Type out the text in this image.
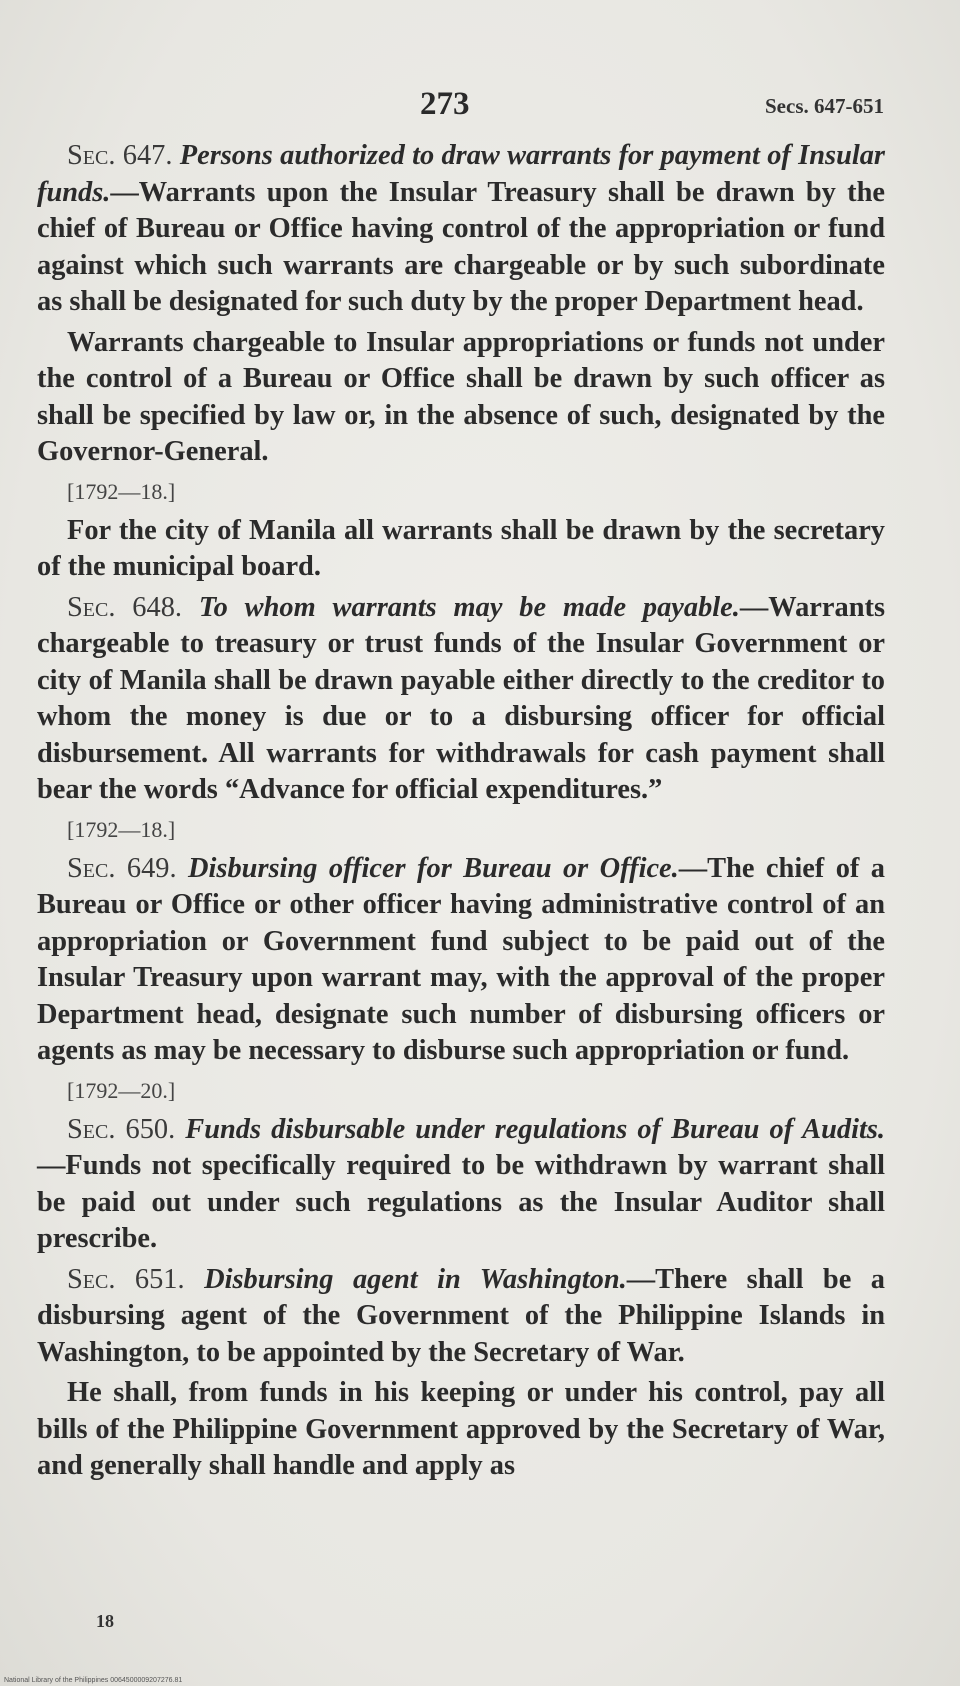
273	Secs. 647-651

Sec. 647. Persons authorized to draw warrants for payment of Insular funds.—Warrants upon the Insular Treasury shall be drawn by the chief of Bureau or Office having control of the appropriation or fund against which such warrants are chargeable or by such subordinate as shall be designated for such duty by the proper Department head.

Warrants chargeable to Insular appropriations or funds not under the control of a Bureau or Office shall be drawn by such officer as shall be specified by law or, in the absence of such, designated by the Governor-General.

[1792—18.]

For the city of Manila all warrants shall be drawn by the secretary of the municipal board.

Sec. 648. To whom warrants may be made payable.—Warrants chargeable to treasury or trust funds of the Insular Government or city of Manila shall be drawn payable either directly to the creditor to whom the money is due or to a disbursing officer for official disbursement. All warrants for withdrawals for cash payment shall bear the words “Advance for official expenditures.”

[1792—18.]

Sec. 649. Disbursing officer for Bureau or Office.—The chief of a Bureau or Office or other officer having administrative control of an appropriation or Government fund subject to be paid out of the Insular Treasury upon warrant may, with the approval of the proper Department head, designate such number of disbursing officers or agents as may be necessary to disburse such appropriation or fund.

[1792—20.]

Sec. 650. Funds disbursable under regulations of Bureau of Audits.—Funds not specifically required to be withdrawn by warrant shall be paid out under such regulations as the Insular Auditor shall prescribe.

Sec. 651. Disbursing agent in Washington.—There shall be a disbursing agent of the Government of the Philippine Islands in Washington, to be appointed by the Secretary of War.

He shall, from funds in his keeping or under his control, pay all bills of the Philippine Government approved by the Secretary of War, and generally shall handle and apply as

18
National Library of the Philippines 0064500009207276.81
